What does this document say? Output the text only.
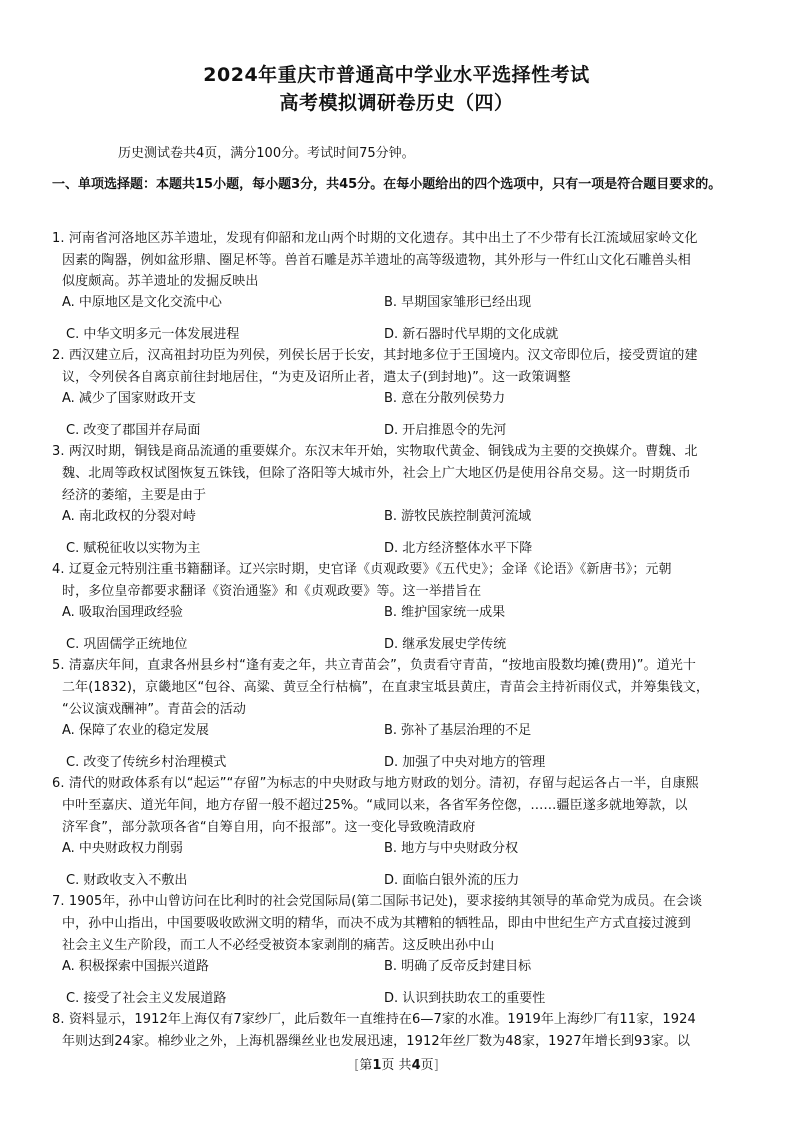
2024年重庆市普通高中学业水平选择性考试
高考模拟调研卷历史（四）
历史测试卷共4页，满分100分。考试时间75分钟。
一、单项选择题：本题共15小题，每小题3分，共45分。在每小题给出的四个选项中，只有一项是符合题目要求的。
1. 河南省河洛地区苏羊遗址，发现有仰韶和龙山两个时期的文化遗存。其中出土了不少带有长江流域屈家岭文化
因素的陶器，例如盆形鼎、圈足杯等。兽首石雕是苏羊遗址的高等级遗物，其外形与一件红山文化石雕兽头相
似度颇高。苏羊遗址的发掘反映出
A. 中原地区是文化交流中心	B. 早期国家雏形已经出现
C. 中华文明多元一体发展进程	D. 新石器时代早期的文化成就
2. 西汉建立后，汉高祖封功臣为列侯，列侯长居于长安，其封地多位于王国境内。汉文帝即位后，接受贾谊的建
议，令列侯各自离京前往封地居住，“为吏及诏所止者，遣太子(到封地)”。这一政策调整
A. 减少了国家财政开支	B. 意在分散列侯势力
C. 改变了郡国并存局面	D. 开启推恩令的先河
3. 两汉时期，铜钱是商品流通的重要媒介。东汉末年开始，实物取代黄金、铜钱成为主要的交换媒介。曹魏、北
魏、北周等政权试图恢复五铢钱，但除了洛阳等大城市外，社会上广大地区仍是使用谷帛交易。这一时期货币
经济的萎缩，主要是由于
A. 南北政权的分裂对峙	B. 游牧民族控制黄河流域
C. 赋税征收以实物为主	D. 北方经济整体水平下降
4. 辽夏金元特别注重书籍翻译。辽兴宗时期，史官译《贞观政要》《五代史》；金译《论语》《新唐书》；元朝
时，多位皇帝都要求翻译《资治通鉴》和《贞观政要》等。这一举措旨在
A. 吸取治国理政经验	B. 维护国家统一成果
C. 巩固儒学正统地位	D. 继承发展史学传统
5. 清嘉庆年间，直隶各州县乡村“逢有麦之年，共立青苗会”，负责看守青苗，“按地亩股数均摊(费用)”。道光十
二年(1832)，京畿地区“包谷、高粱、黄豆全行枯槁”，在直隶宝坻县黄庄，青苗会主持祈雨仪式，并筹集钱文，
“公议演戏酬神”。青苗会的活动
A. 保障了农业的稳定发展	B. 弥补了基层治理的不足
C. 改变了传统乡村治理模式	D. 加强了中央对地方的管理
6. 清代的财政体系有以“起运”“存留”为标志的中央财政与地方财政的划分。清初，存留与起运各占一半，自康熙
中叶至嘉庆、道光年间，地方存留一般不超过25%。“咸同以来，各省军务倥偬，……疆臣遂多就地筹款，以
济军食”，部分款项各省“自筹自用，向不报部”。这一变化导致晚清政府
A. 中央财政权力削弱	B. 地方与中央财政分权
C. 财政收支入不敷出	D. 面临白银外流的压力
7. 1905年，孙中山曾访问在比利时的社会党国际局(第二国际书记处)，要求接纳其领导的革命党为成员。在会谈
中，孙中山指出，中国要吸收欧洲文明的精华，而决不成为其糟粕的牺牲品，即由中世纪生产方式直接过渡到
社会主义生产阶段，而工人不必经受被资本家剥削的痛苦。这反映出孙中山
A. 积极探索中国振兴道路	B. 明确了反帝反封建目标
C. 接受了社会主义发展道路	D. 认识到扶助农工的重要性
8. 资料显示，1912年上海仅有7家纱厂，此后数年一直维持在6—7家的水准。1919年上海纱厂有11家，1924
年则达到24家。棉纱业之外，上海机器缫丝业也发展迅速，1912年丝厂数为48家，1927年增长到93家。以
[第1页 共4页]
